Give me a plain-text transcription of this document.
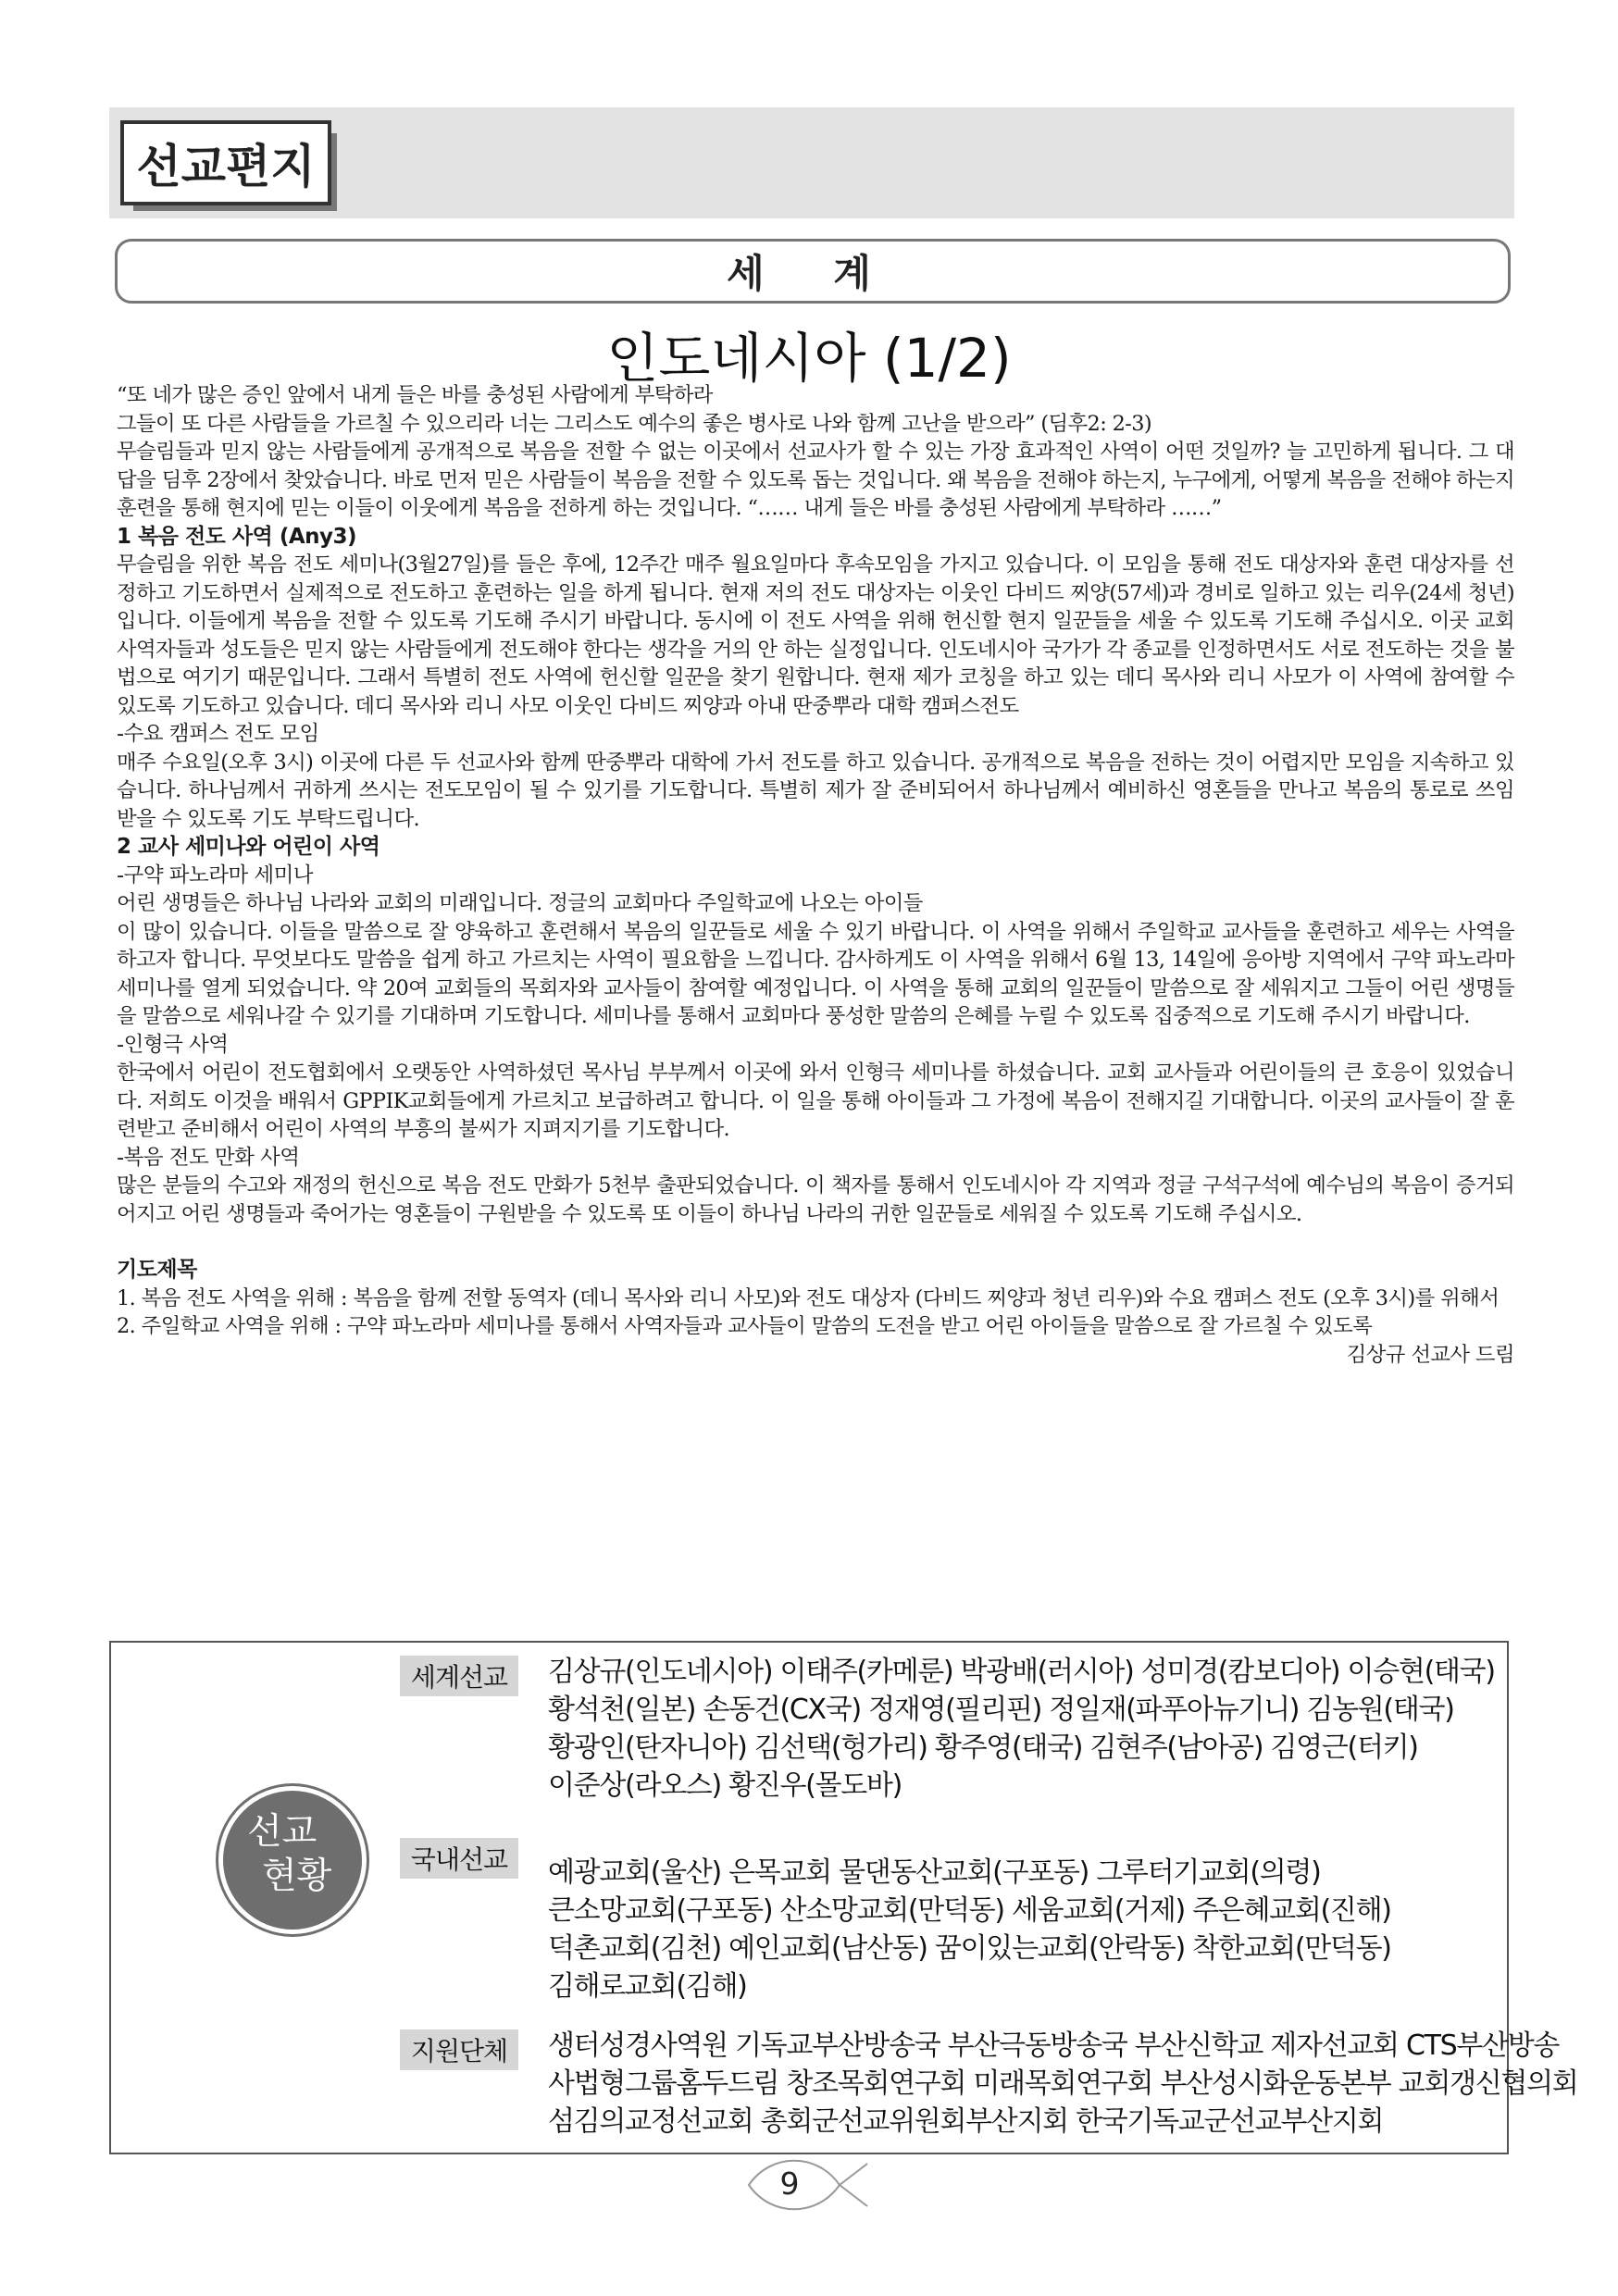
선교편지
세 계
인도네시아 (1/2)

“또 네가 많은 증인 앞에서 내게 들은 바를 충성된 사람에게 부탁하라

그들이 또 다른 사람들을 가르칠 수 있으리라 너는 그리스도 예수의 좋은 병사로 나와 함께 고난을 받으라” (딤후2: 2-3)

무슬림들과 믿지 않는 사람들에게 공개적으로 복음을 전할 수 없는 이곳에서 선교사가 할 수 있는 가장 효과적인 사역이 어떤 것일까? 늘 고민하게 됩니다. 그 대답을 딤후 2장에서 찾았습니다. 바로 먼저 믿은 사람들이 복음을 전할 수 있도록 돕는 것입니다. 왜 복음을 전해야 하는지, 누구에게, 어떻게 복음을 전해야 하는지 훈련을 통해 현지에 믿는 이들이 이웃에게 복음을 전하게 하는 것입니다. “…… 내게 들은 바를 충성된 사람에게 부탁하라 ……”

1 복음 전도 사역 (Any3)

무슬림을 위한 복음 전도 세미나(3월27일)를 들은 후에, 12주간 매주 월요일마다 후속모임을 가지고 있습니다. 이 모임을 통해 전도 대상자와 훈련 대상자를 선정하고 기도하면서 실제적으로 전도하고 훈련하는 일을 하게 됩니다. 현재 저의 전도 대상자는 이웃인 다비드 찌양(57세)과 경비로 일하고 있는 리우(24세 청년)입니다. 이들에게 복음을 전할 수 있도록 기도해 주시기 바랍니다. 동시에 이 전도 사역을 위해 헌신할 현지 일꾼들을 세울 수 있도록 기도해 주십시오. 이곳 교회 사역자들과 성도들은 믿지 않는 사람들에게 전도해야 한다는 생각을 거의 안 하는 실정입니다. 인도네시아 국가가 각 종교를 인정하면서도 서로 전도하는 것을 불법으로 여기기 때문입니다. 그래서 특별히 전도 사역에 헌신할 일꾼을 찾기 원합니다. 현재 제가 코칭을 하고 있는 데디 목사와 리니 사모가 이 사역에 참여할 수 있도록 기도하고 있습니다. 데디 목사와 리니 사모 이웃인 다비드 찌양과 아내 딴중뿌라 대학 캠퍼스전도

-수요 캠퍼스 전도 모임

매주 수요일(오후 3시) 이곳에 다른 두 선교사와 함께 딴중뿌라 대학에 가서 전도를 하고 있습니다. 공개적으로 복음을 전하는 것이 어렵지만 모임을 지속하고 있습니다. 하나님께서 귀하게 쓰시는 전도모임이 될 수 있기를 기도합니다. 특별히 제가 잘 준비되어서 하나님께서 예비하신 영혼들을 만나고 복음의 통로로 쓰임 받을 수 있도록 기도 부탁드립니다.

2 교사 세미나와 어린이 사역

-구약 파노라마 세미나

어린 생명들은 하나님 나라와 교회의 미래입니다. 정글의 교회마다 주일학교에 나오는 아이들

이 많이 있습니다. 이들을 말씀으로 잘 양육하고 훈련해서 복음의 일꾼들로 세울 수 있기 바랍니다. 이 사역을 위해서 주일학교 교사들을 훈련하고 세우는 사역을 하고자 합니다. 무엇보다도 말씀을 쉽게 하고 가르치는 사역이 필요함을 느낍니다. 감사하게도 이 사역을 위해서 6월 13, 14일에 응아방 지역에서 구약 파노라마 세미나를 열게 되었습니다. 약 20여 교회들의 목회자와 교사들이 참여할 예정입니다. 이 사역을 통해 교회의 일꾼들이 말씀으로 잘 세워지고 그들이 어린 생명들을 말씀으로 세워나갈 수 있기를 기대하며 기도합니다. 세미나를 통해서 교회마다 풍성한 말씀의 은혜를 누릴 수 있도록 집중적으로 기도해 주시기 바랍니다.

-인형극 사역

한국에서 어린이 전도협회에서 오랫동안 사역하셨던 목사님 부부께서 이곳에 와서 인형극 세미나를 하셨습니다. 교회 교사들과 어린이들의 큰 호응이 있었습니다. 저희도 이것을 배워서 GPPIK교회들에게 가르치고 보급하려고 합니다. 이 일을 통해 아이들과 그 가정에 복음이 전해지길 기대합니다. 이곳의 교사들이 잘 훈련받고 준비해서 어린이 사역의 부흥의 불씨가 지펴지기를 기도합니다.

-복음 전도 만화 사역

많은 분들의 수고와 재정의 헌신으로 복음 전도 만화가 5천부 출판되었습니다. 이 책자를 통해서 인도네시아 각 지역과 정글 구석구석에 예수님의 복음이 증거되어지고 어린 생명들과 죽어가는 영혼들이 구원받을 수 있도록 또 이들이 하나님 나라의 귀한 일꾼들로 세워질 수 있도록 기도해 주십시오.

기도제목

1. 복음 전도 사역을 위해 : 복음을 함께 전할 동역자 (데니 목사와 리니 사모)와 전도 대상자 (다비드 찌양과 청년 리우)와 수요 캠퍼스 전도 (오후 3시)를 위해서

2. 주일학교 사역을 위해 : 구약 파노라마 세미나를 통해서 사역자들과 교사들이 말씀의 도전을 받고 어린 아이들을 말씀으로 잘 가르칠 수 있도록

김상규 선교사 드림

선교
현황
세계선교	김상규(인도네시아) 이태주(카메룬) 박광배(러시아) 성미경(캄보디아) 이승현(태국)
황석천(일본) 손동건(CX국) 정재영(필리핀) 정일재(파푸아뉴기니) 김농원(태국)
황광인(탄자니아) 김선택(헝가리) 황주영(태국) 김현주(남아공) 김영근(터키)
이준상(라오스) 황진우(몰도바)
국내선교	예광교회(울산) 은목교회 물댄동산교회(구포동) 그루터기교회(의령)
큰소망교회(구포동) 산소망교회(만덕동) 세움교회(거제) 주은혜교회(진해)
덕촌교회(김천) 예인교회(남산동) 꿈이있는교회(안락동) 착한교회(만덕동)
김해로교회(김해)
지원단체	생터성경사역원 기독교부산방송국 부산극동방송국 부산신학교 제자선교회 CTS부산방송
사법형그룹홈두드림 창조목회연구회 미래목회연구회 부산성시화운동본부 교회갱신협의회
섬김의교정선교회 총회군선교위원회부산지회 한국기독교군선교부산지회
9
